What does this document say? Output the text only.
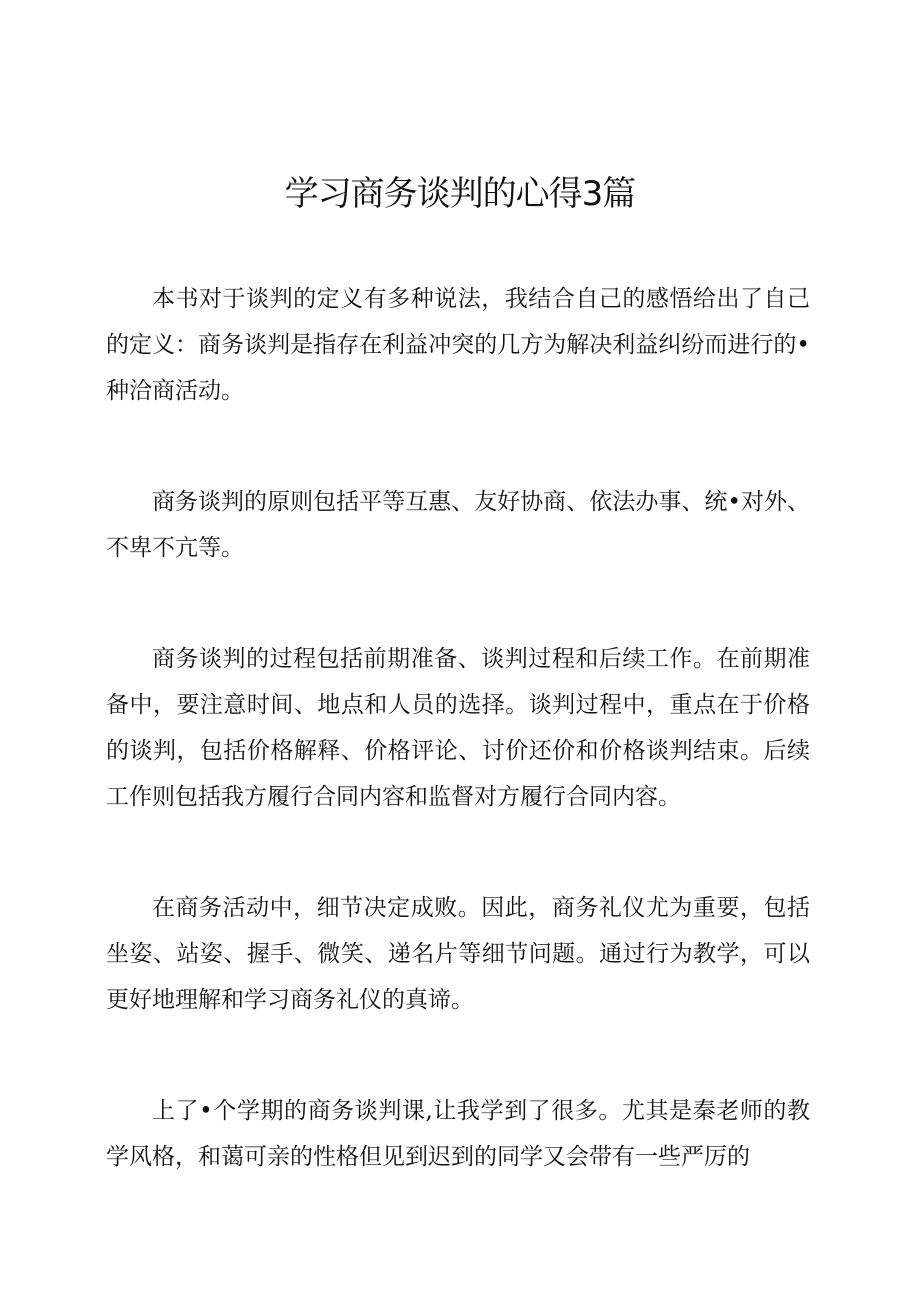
学习商务谈判的心得3篇

本书对于谈判的定义有多种说法，我结合自己的感悟给出了自己的定义：商务谈判是指存在利益冲突的几方为解决利益纠纷而进行的•种洽商活动。

商务谈判的原则包括平等互惠、友好协商、依法办事、统•对外、不卑不亢等。

商务谈判的过程包括前期准备、谈判过程和后续工作。在前期准备中，要注意时间、地点和人员的选择。谈判过程中，重点在于价格的谈判，包括价格解释、价格评论、讨价还价和价格谈判结束。后续工作则包括我方履行合同内容和监督对方履行合同内容。

在商务活动中，细节决定成败。因此，商务礼仪尤为重要，包括坐姿、站姿、握手、微笑、递名片等细节问题。通过行为教学，可以更好地理解和学习商务礼仪的真谛。

上了•个学期的商务谈判课,让我学到了很多。尤其是秦老师的教学风格，和蔼可亲的性格但见到迟到的同学又会带有一些严厉的
